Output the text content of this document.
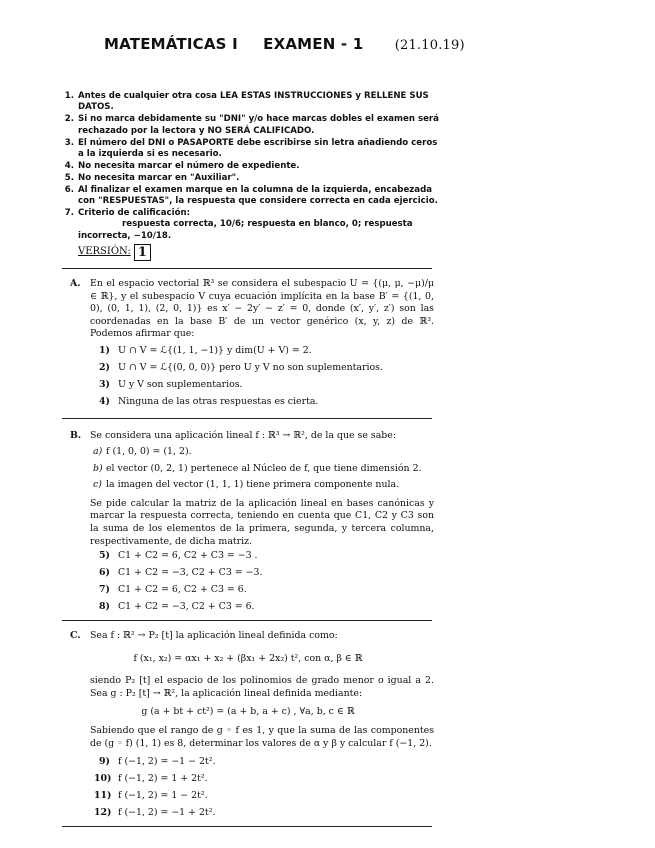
MATEMÁTICAS I EXAMEN - 1 (21.10.19)
1. Antes de cualquier otra cosa LEA ESTAS INSTRUCCIONES y RELLENE SUS DATOS.
2. Si no marca debidamente su "DNI" y/o hace marcas dobles el examen será rechazado por la lectora y NO SERÁ CALIFICADO.
3. El número del DNI o PASAPORTE debe escribirse sin letra añadiendo ceros a la izquierda si es necesario.
4. No necesita marcar el número de expediente.
5. No necesita marcar en "Auxiliar".
6. Al finalizar el examen marque en la columna de la izquierda, encabezada con "RESPUESTAS", la respuesta que considere correcta en cada ejercicio.
7. Criterio de calificación:
respuesta correcta, 10/6; respuesta en blanco, 0; respuesta incorrecta, −10/18.
VERSIÓN: 1
A. En el espacio vectorial ℝ³ se considera el subespacio U = {(μ, μ, −μ)/μ ∈ ℝ}, y el subespacio V cuya ecuación implícita en la base B′ = {(1, 0, 0), (0, 1, 1), (2, 0, 1)} es x′ − 2y′ − z′ = 0, donde (x′, y′, z′) son las coordenadas en la base B′ de un vector genérico (x, y, z) de ℝ³. Podemos afirmar que:
1) U ∩ V = ℒ{(1, 1, −1)} y dim(U + V) = 2.
2) U ∩ V = ℒ{(0, 0, 0)} pero U y V no son suplementarios.
3) U y V son suplementarios.
4) Ninguna de las otras respuestas es cierta.
B. Se considera una aplicación lineal f : ℝ³ → ℝ², de la que se sabe:
a) f (1, 0, 0) = (1, 2).
b) el vector (0, 2, 1) pertenece al Núcleo de f, que tiene dimensión 2.
c) la imagen del vector (1, 1, 1) tiene primera componente nula.
Se pide calcular la matriz de la aplicación lineal en bases canónicas y marcar la respuesta correcta, teniendo en cuenta que C1, C2 y C3 son la suma de los elementos de la primera, segunda, y tercera columna, respectivamente, de dicha matriz.
5) C1 + C2 = 6, C2 + C3 = −3 .
6) C1 + C2 = −3, C2 + C3 = −3.
7) C1 + C2 = 6, C2 + C3 = 6.
8) C1 + C2 = −3, C2 + C3 = 6.
C. Sea f : ℝ² → P₂ [t] la aplicación lineal definida como:
f (x₁, x₂) = αx₁ + x₂ + (βx₁ + 2x₂) t², con α, β ∈ ℝ
siendo P₂ [t] el espacio de los polinomios de grado menor o igual a 2. Sea g : P₂ [t] → ℝ², la aplicación lineal definida mediante:
g (a + bt + ct²) = (a + b, a + c) , ∀a, b, c ∈ ℝ
Sabiendo que el rango de g ◦ f es 1, y que la suma de las componentes de (g ◦ f) (1, 1) es 8, determinar los valores de α y β y calcular f (−1, 2).
9) f (−1, 2) = −1 − 2t².
10) f (−1, 2) = 1 + 2t².
11) f (−1, 2) = 1 − 2t².
12) f (−1, 2) = −1 + 2t².
